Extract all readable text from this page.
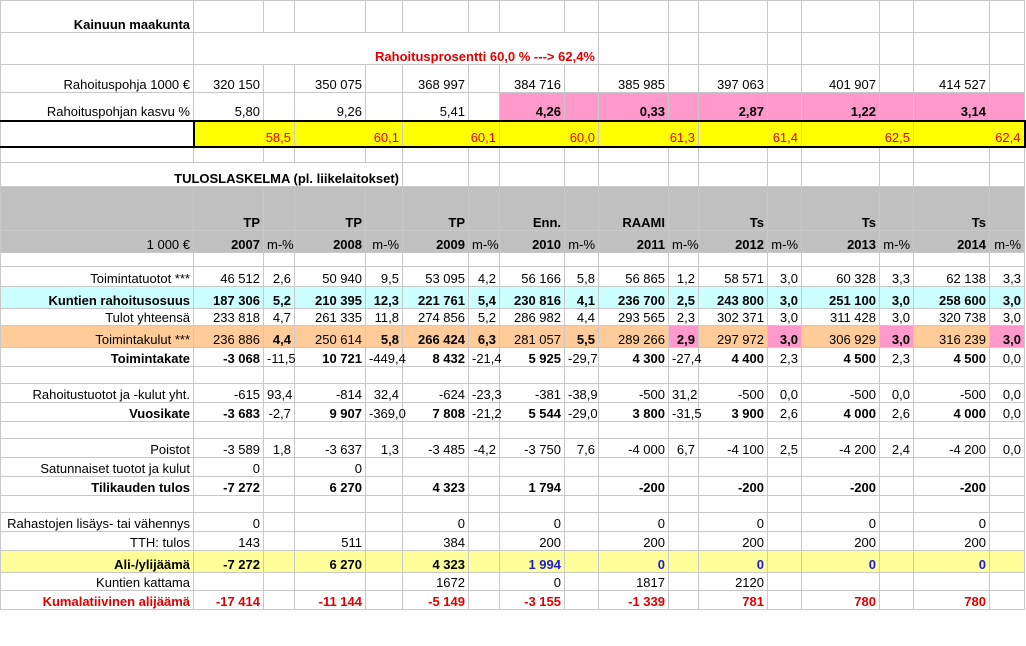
Kainuun maakunta																
	Rahoitusprosentti 60,0 % ---> 62,4%															
Rahoituspohja 1000 €	320 150		350 075		368 997		384 716		385 985		397 063		401 907		414 527	
Rahoituspohjan kasvu %	5,80		9,26		5,41		4,26		0,33		2,87		1,22		3,14	
	58,5		60,1		60,1		60,0		61,3		61,4		62,5		62,4	

TULOSLASKELMA (pl. liikelaitokset)																
	TP		TP		TP		Enn.		RAAMI		Ts		Ts		Ts	
1 000 €	2007	m-%	2008	m-%	2009	m-%	2010	m-%	2011	m-%	2012	m-%	2013	m-%	2014	m-%

Toimintatuotot ***	46 512	2,6	50 940	9,5	53 095	4,2	56 166	5,8	56 865	1,2	58 571	3,0	60 328	3,3	62 138	3,3
Kuntien rahoitusosuus	187 306	5,2	210 395	12,3	221 761	5,4	230 816	4,1	236 700	2,5	243 800	3,0	251 100	3,0	258 600	3,0
Tulot yhteensä	233 818	4,7	261 335	11,8	274 856	5,2	286 982	4,4	293 565	2,3	302 371	3,0	311 428	3,0	320 738	3,0
Toimintakulut ***	236 886	4,4	250 614	5,8	266 424	6,3	281 057	5,5	289 266	2,9	297 972	3,0	306 929	3,0	316 239	3,0
Toimintakate	-3 068	-11,5	10 721	-449,4	8 432	-21,4	5 925	-29,7	4 300	-27,4	4 400	2,3	4 500	2,3	4 500	0,0

Rahoitustuotot ja -kulut yht.	-615	93,4	-814	32,4	-624	-23,3	-381	-38,9	-500	31,2	-500	0,0	-500	0,0	-500	0,0
Vuosikate	-3 683	-2,7	9 907	-369,0	7 808	-21,2	5 544	-29,0	3 800	-31,5	3 900	2,6	4 000	2,6	4 000	0,0

Poistot	-3 589	1,8	-3 637	1,3	-3 485	-4,2	-3 750	7,6	-4 000	6,7	-4 100	2,5	-4 200	2,4	-4 200	0,0
Satunnaiset tuotot ja kulut	0		0													
Tilikauden tulos	-7 272		6 270		4 323		1 794		-200		-200		-200		-200	

Rahastojen lisäys- tai vähennys	0				0		0		0		0		0		0	
TTH: tulos	143		511		384		200		200		200		200		200	
Ali-/ylijäämä	-7 272		6 270		4 323		1 994		0		0		0		0	
Kuntien kattama					1672		0		1817		2120					
Kumalatiivinen alijäämä	-17 414		-11 144		-5 149		-3 155		-1 339		781		780		780	
